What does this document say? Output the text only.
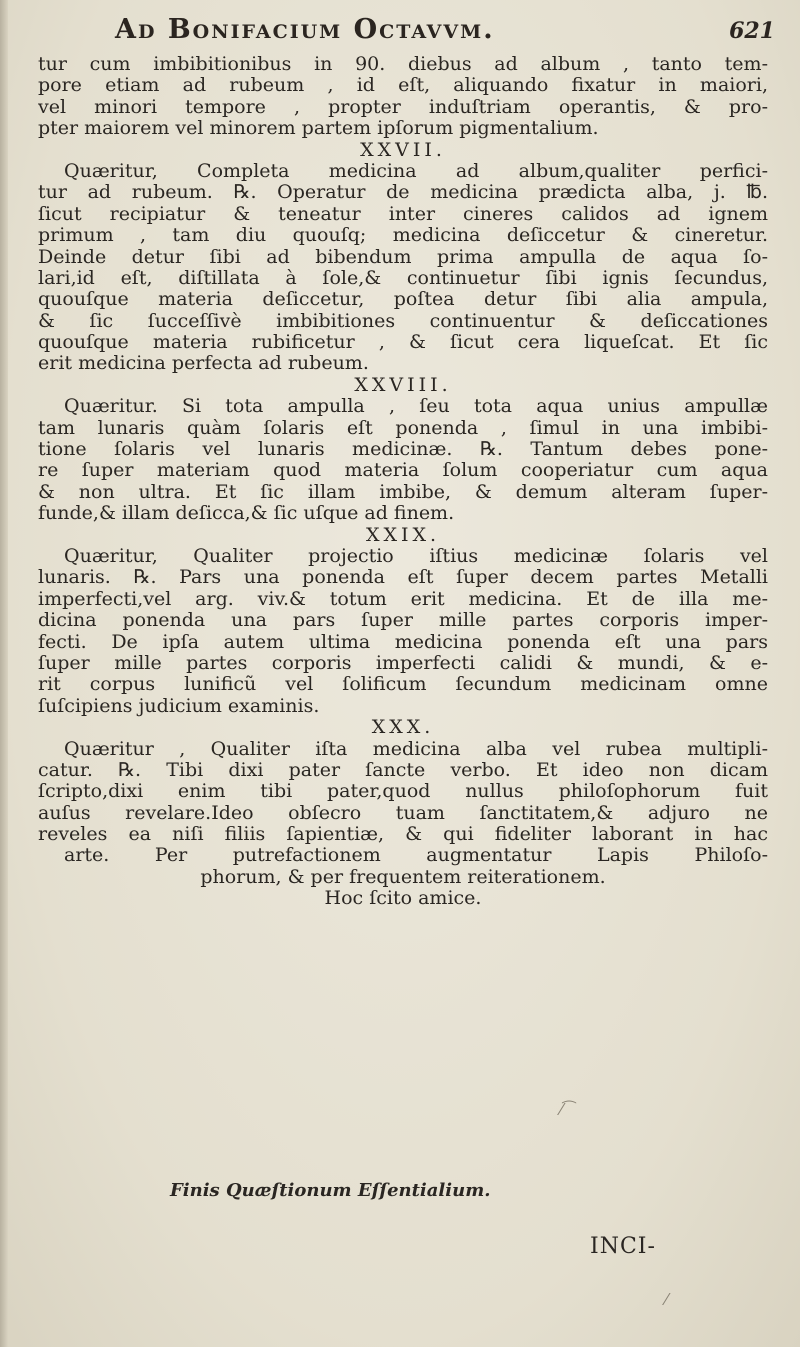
Ad Bonifacium Octavvm.	621
tur cum imbibitionibus in 90. diebus ad album , tanto tem-
pore etiam ad rubeum , id eſt, aliquando fixatur in maiori,
vel minori tempore , propter induſtriam operantis, & pro-
pter maiorem vel minorem partem ipſorum pigmentalium.
XXVII.
Quæritur, Completa medicina ad album,qualiter perfici-
tur ad rubeum. ℞. Operatur de medicina prædicta alba, j. ℔.
ſicut recipiatur & teneatur inter cineres calidos ad ignem
primum , tam diu quouſq; medicina deſiccetur & cineretur.
Deinde detur ſibi ad bibendum prima ampulla de aqua ſo-
lari,id eſt, diſtillata à ſole,& continuetur ſibi ignis ſecundus,
quouſque materia deſiccetur, poſtea detur ſibi alia ampula,
& ſic ſucceſſivè imbibitiones continuentur & deſiccationes
quouſque materia rubificetur , & ſicut cera liqueſcat. Et ſic
erit medicina perfecta ad rubeum.
XXVIII.
Quæritur. Si tota ampulla , ſeu tota aqua unius ampullæ
tam lunaris quàm ſolaris eſt ponenda , ſimul in una imbibi-
tione ſolaris vel lunaris medicinæ. ℞. Tantum debes pone-
re ſuper materiam quod materia ſolum cooperiatur cum aqua
& non ultra. Et ſic illam imbibe, & demum alteram ſuper-
funde,& illam deſicca,& ſic uſque ad finem.
XXIX.
Quæritur, Qualiter projectio iſtius medicinæ ſolaris vel
lunaris. ℞. Pars una ponenda eſt ſuper decem partes Metalli
imperfecti,vel arg. viv.& totum erit medicina. Et de illa me-
dicina ponenda una pars ſuper mille partes corporis imper-
fecti. De ipſa autem ultima medicina ponenda eſt una pars
ſuper mille partes corporis imperfecti calidi & mundi, & e-
rit corpus lunificũ vel ſolificum ſecundum medicinam omne
ſuſcipiens judicium examinis.
XXX.
Quæritur , Qualiter iſta medicina alba vel rubea multipli-
catur. ℞. Tibi dixi pater ſancte verbo. Et ideo non dicam
ſcripto,dixi enim tibi pater,quod nullus philoſophorum fuit
auſus revelare.Ideo obſecro tuam ſanctitatem,& adjuro ne
reveles ea niſi filiis ſapientiæ, & qui fideliter laborant in hac
arte. Per putrefactionem augmentatur Lapis Philoſo-
phorum, & per frequentem reiterationem.
Hoc ſcito amice.
Finis Quæſtionum Eſſentialium.
INCI-
⁄⁀
⁄
